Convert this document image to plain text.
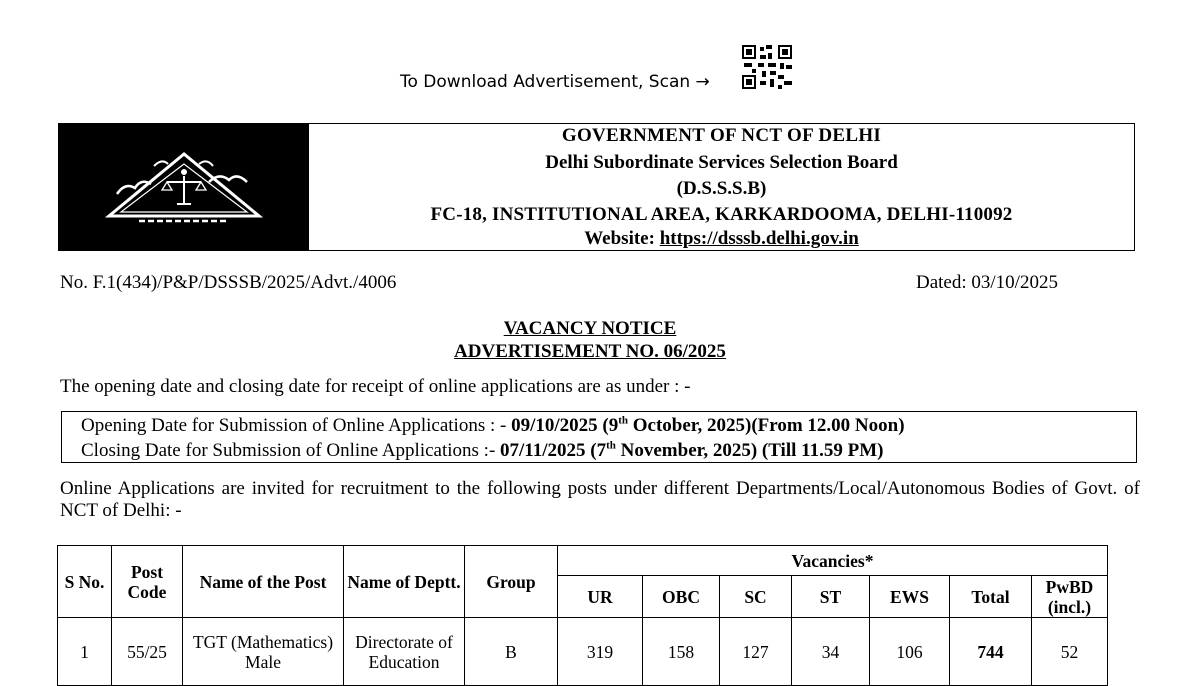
To Download Advertisement, Scan →
GOVERNMENT OF NCT OF DELHI
Delhi Subordinate Services Selection Board
(D.S.S.S.B)
FC-18, INSTITUTIONAL AREA, KARKARDOOMA, DELHI-110092
Website: https://dsssb.delhi.gov.in
No. F.1(434)/P&P/DSSSB/2025/Advt./4006	Dated: 03/10/2025
VACANCY NOTICE
ADVERTISEMENT NO. 06/2025
The opening date and closing date for receipt of online applications are as under : -
Opening Date for Submission of Online Applications : - 09/10/2025 (9th October, 2025)(From 12.00 Noon)
Closing Date for Submission of Online Applications :- 07/11/2025 (7th November, 2025) (Till 11.59 PM)
Online Applications are invited for recruitment to the following posts under different Departments/Local/Autonomous Bodies of Govt. of NCT of Delhi: -
S No.	Post Code	Name of the Post	Name of Deptt.	Group	Vacancies*						
					UR	OBC	SC	ST	EWS	Total	PwBD (incl.)
1	55/25	TGT (Mathematics) Male	Directorate of Education	B	319	158	127	34	106	744	52
